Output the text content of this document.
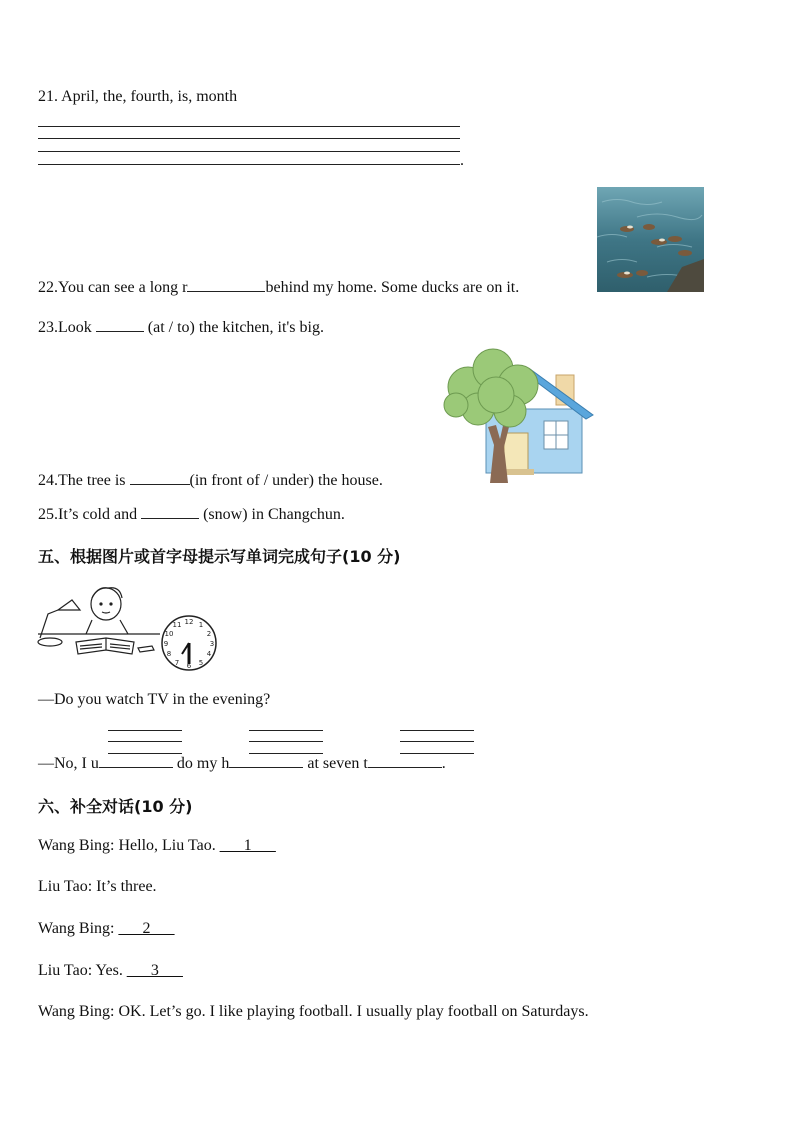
21. April, the, fourth, is, month
.
22.You can see a long r	behind my home. Some ducks are on it.
23.Look	(at / to) the kitchen, it's big.
24.The tree is	(in front of / under) the house.
25.It’s cold and	(snow) in Changchun.
五、根据图片或首字母提示写单词完成句子(10 分)
12 1
2
3
4
5
6
7
8
9
10
11
—Do you watch TV in the evening?
—No, I u	do my h	at seven t	.
六、补全对话(10 分)
Wang Bing: Hello, Liu Tao. ___1___
Liu Tao: It’s three.
Wang Bing: ___2___
Liu Tao: Yes. ___3___
Wang Bing: OK. Let’s go. I like playing football. I usually play football on Saturdays.
